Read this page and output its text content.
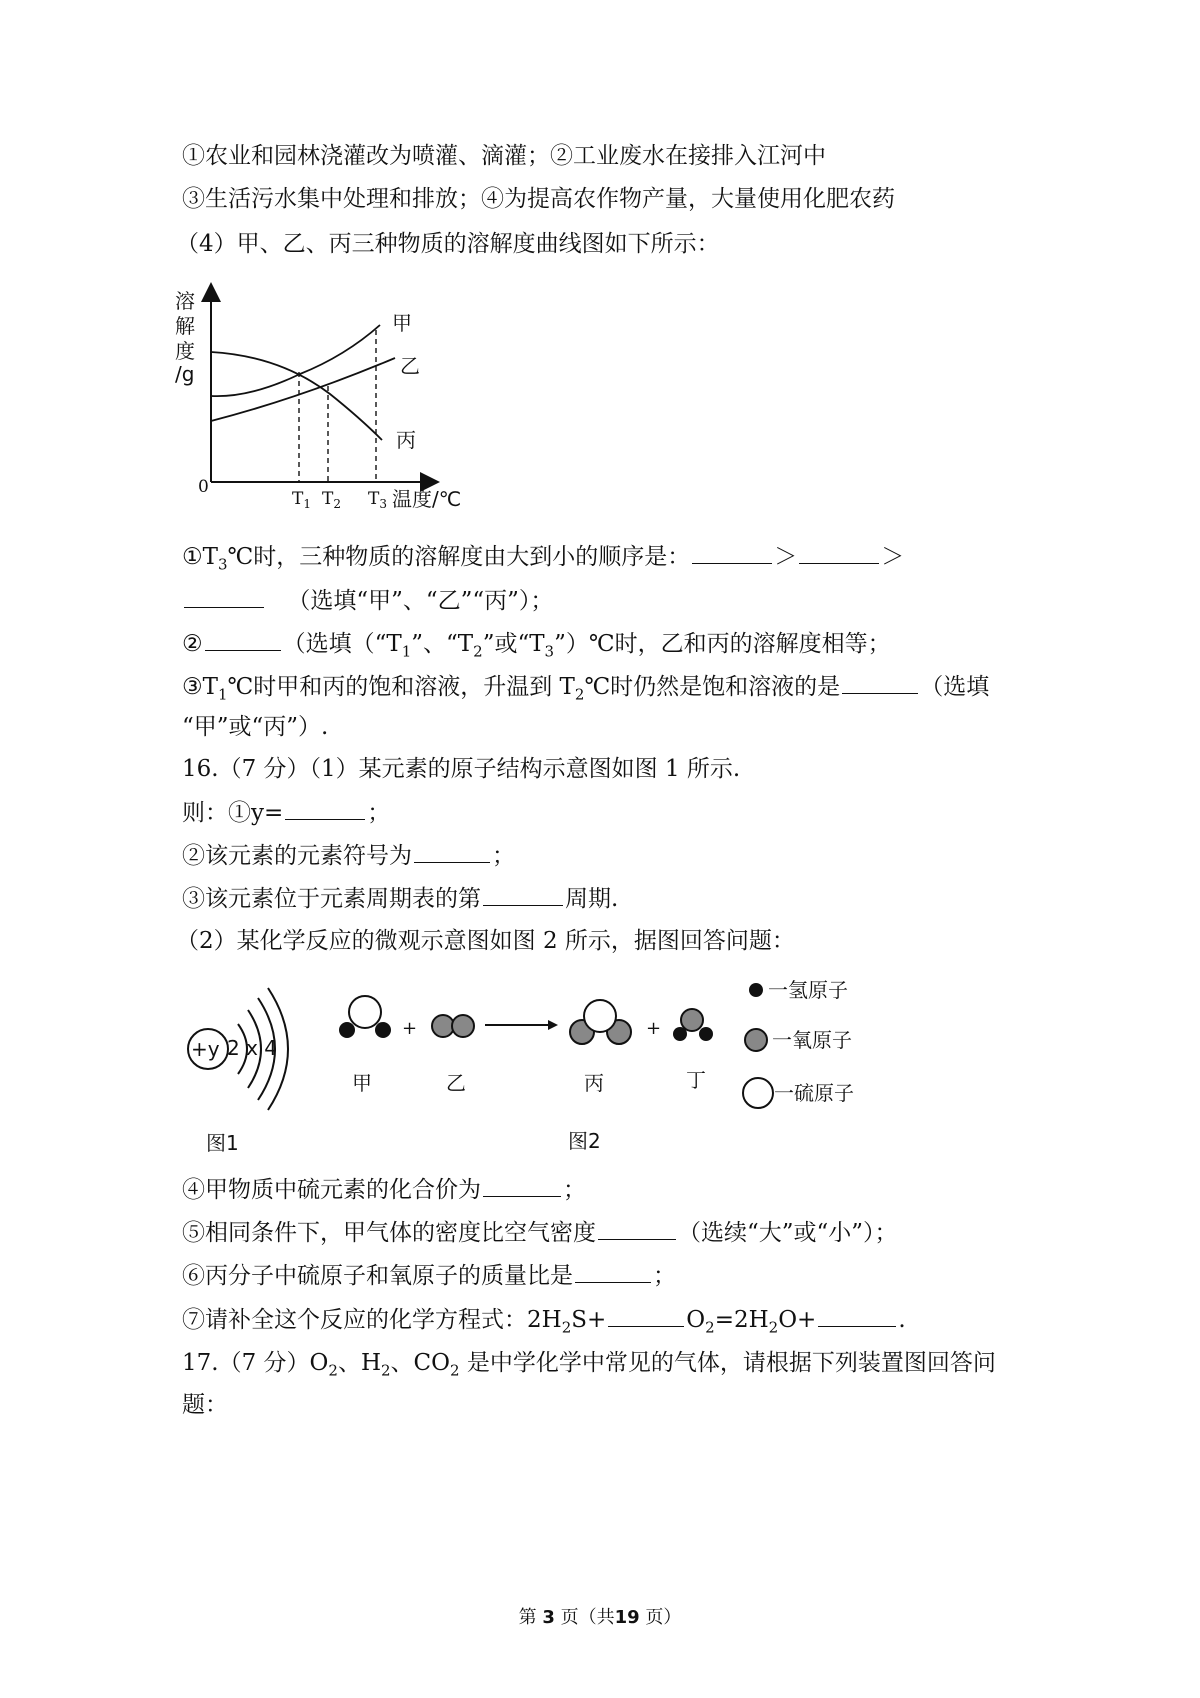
①农业和园林浇灌改为喷灌、滴灌；②工业废水在接排入江河中
③生活污水集中处理和排放；④为提高农作物产量，大量使用化肥农药
（4）甲、乙、丙三种物质的溶解度曲线图如下所示：
溶
解
度
/g
甲
乙
丙
温度/℃
0
$T_1$ $T_2$ $T_3$
$①T_3℃$时，三种物质的溶解度由大到小的顺序是：	＞	＞
（选填“甲”、“乙”“丙”）；
②	（选填（“$T_1$”、“$T_2$”或“$T_3”)℃$时，乙和丙的溶解度相等；
$③T_1℃$时甲和丙的饱和溶液，升温到 $T_2℃$时仍然是饱和溶液的是	（选填
“甲”或“丙”）.
16.（7 分）（1）某元素的原子结构示意图如图 1 所示.
则：①y=	；
②该元素的元素符号为	；
③该元素位于元素周期表的第	周期.
（2）某化学反应的微观示意图如图 2 所示，据图回答问题：
+y 2 x 4
图1
+	+
一氢原子
一氧原子
一硫原子
甲	乙	丙	丁
图2
④甲物质中硫元素的化合价为	；
⑤相同条件下，甲气体的密度比空气密度	（选续“大”或“小”）；
⑥丙分子中硫原子和氧原子的质量比是	；
⑦请补全这个反应的化学方程式：$2H_2S+$	$O_2=2H_2O+$	.
17.（7 分）$O_2$、$H_2$、$CO_2$ 是中学化学中常见的气体，请根据下列装置图回答问
题：
第 3 页（共19 页）
